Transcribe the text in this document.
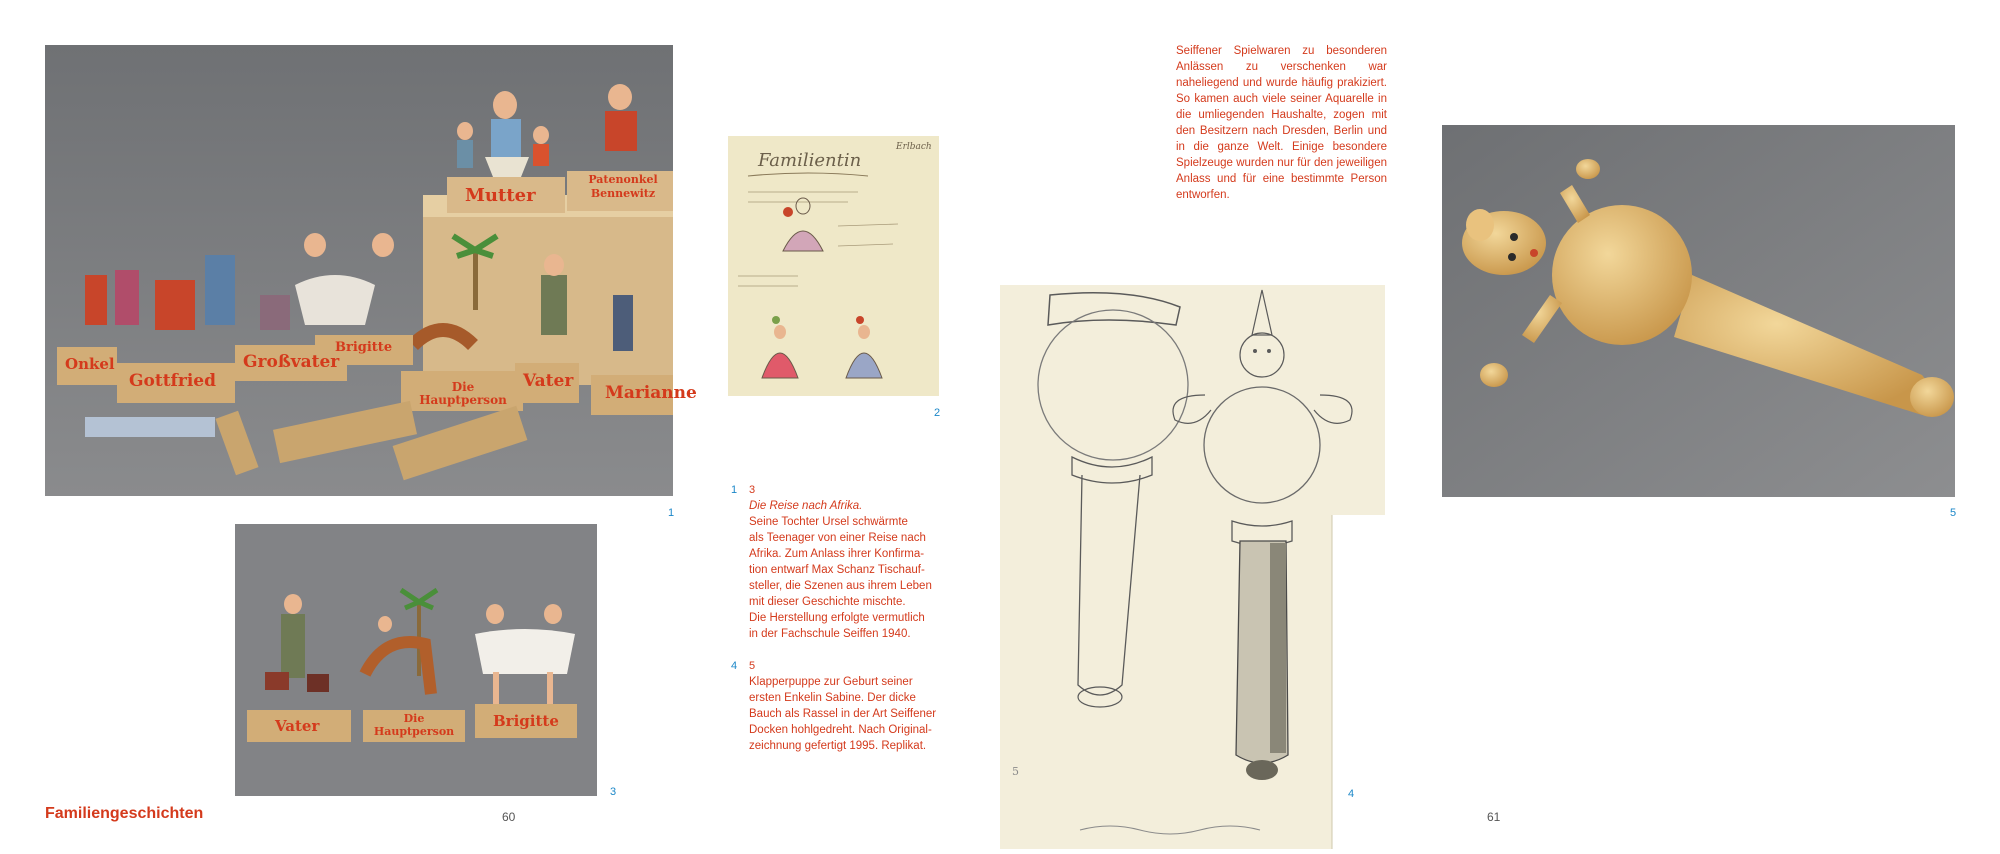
Onkel
Gottfried
Großvater
Brigitte
Die Hauptperson
Vater
Marianne
Mutter
Patenonkel Bennewitz
1
Vater	Die Hauptperson
Brigitte
3
Familientin
Erlbach
2
1 3
Die Reise nach Afrika.
Seine Tochter Ursel schwärmte
als Teenager von einer Reise nach
Afrika. Zum Anlass ihrer Konfirma-
tion entwarf Max Schanz Tischauf-
steller, die Szenen aus ihrem Leben
mit dieser Geschichte mischte.
Die Herstellung erfolgte vermutlich
in der Fachschule Seiffen 1940.
4 5
Klapperpuppe zur Geburt seiner
ersten Enkelin Sabine. Der dicke
Bauch als Rassel in der Art Seiffener
Docken hohlgedreht. Nach Original-
zeichnung gefertigt 1995. Replikat.
Familiengeschichten	60
5
4
Seiffener Spielwaren zu besonderen Anlässen zu verschenken war naheliegend und wurde häufig prakiziert. So kamen auch viele seiner Aquarelle in die umliegenden Haushalte, zogen mit den Besitzern nach Dresden, Berlin und in die ganze Welt. Einige besondere Spielzeuge wurden nur für den jeweiligen Anlass und für eine bestimmte Person entworfen.
5
61
